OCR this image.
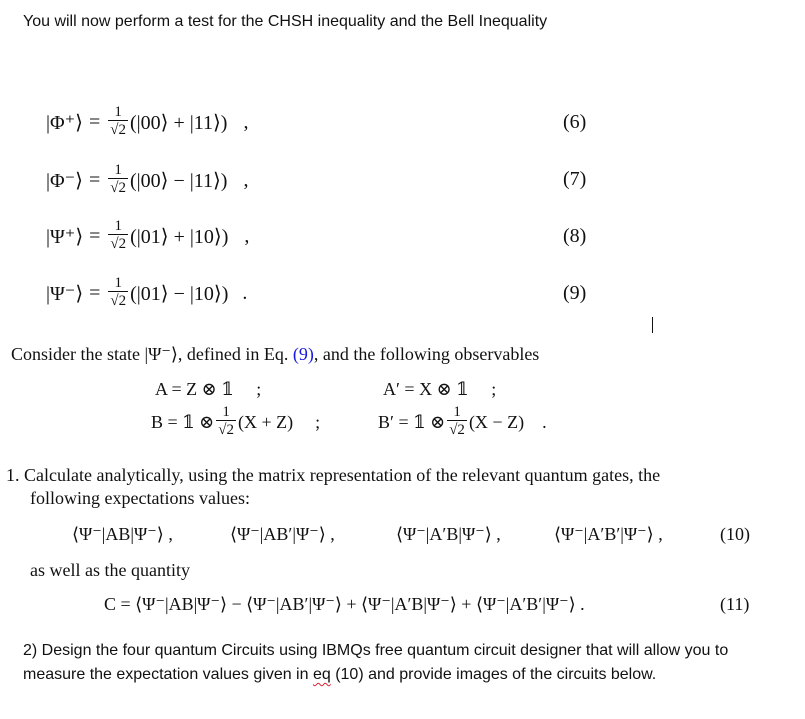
You will now perform a test for the CHSH inequality and the Bell Inequality
|Φ⁺⟩ = $\frac{1}{√2}$ (|00⟩ + |11⟩) ,	(6)
|Φ⁻⟩ = $\frac{1}{√2}$ (|00⟩ − |11⟩) ,	(7)
|Ψ⁺⟩ = $\frac{1}{√2}$ (|01⟩ + |10⟩) ,	(8)
|Ψ⁻⟩ = $\frac{1}{√2}$ (|01⟩ − |10⟩) .	(9)
Consider the state |Ψ⁻⟩, defined in Eq. (9), and the following observables
A = Z ⊗ 𝟙 ;	A′ = X ⊗ 𝟙 ;
B = 𝟙 ⊗ $\frac{1}{√2} (X + Z)$ ;	B′ = 𝟙 ⊗ $\frac{1}{√2} (X - Z)$ .
1. Calculate analytically, using the matrix representation of the relevant quantum gates, the
following expectations values:
⟨Ψ⁻|AB|Ψ⁻⟩ ,	⟨Ψ⁻|AB′|Ψ⁻⟩ ,	⟨Ψ⁻|A′B|Ψ⁻⟩ ,	⟨Ψ⁻|A′B′|Ψ⁻⟩ ,	(10)
as well as the quantity
C = ⟨Ψ⁻|AB|Ψ⁻⟩ − ⟨Ψ⁻|AB′|Ψ⁻⟩ + ⟨Ψ⁻|A′B|Ψ⁻⟩ + ⟨Ψ⁻|A′B′|Ψ⁻⟩ .	(11)
2) Design the four quantum Circuits using IBMQs free quantum circuit designer that will allow you to
measure the expectation values given in eq (10) and provide images of the circuits below.
